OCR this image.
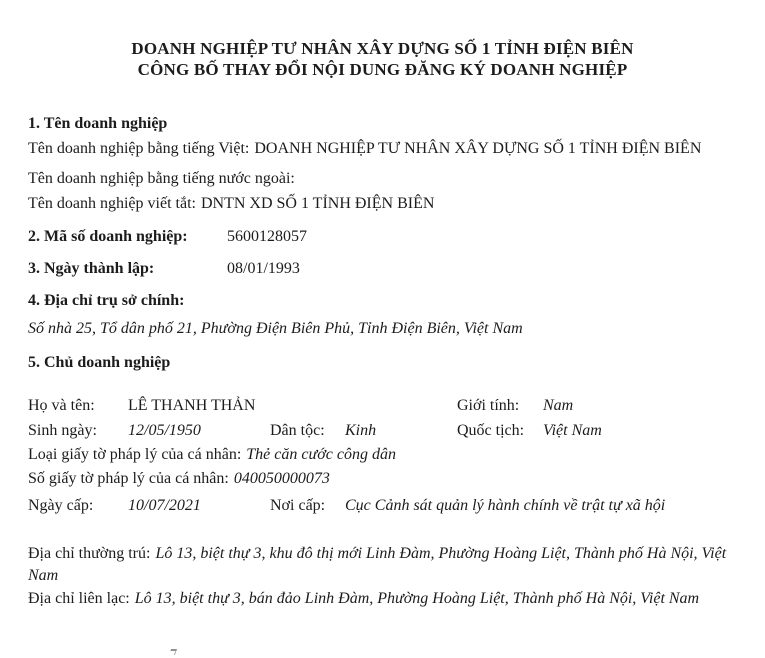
DOANH NGHIỆP TƯ NHÂN XÂY DỰNG SỐ 1 TỈNH ĐIỆN BIÊN
CÔNG BỐ THAY ĐỔI NỘI DUNG ĐĂNG KÝ DOANH NGHIỆP
1. Tên doanh nghiệp

Tên doanh nghiệp bằng tiếng Việt: DOANH NGHIỆP TƯ NHÂN XÂY DỰNG SỐ 1 TỈNH ĐIỆN BIÊN

Tên doanh nghiệp bằng tiếng nước ngoài:

Tên doanh nghiệp viết tắt: DNTN XD SỐ 1 TỈNH ĐIỆN BIÊN

2. Mã số doanh nghiệp: 5600128057
3. Ngày thành lập:	08/01/1993
4. Địa chỉ trụ sở chính:

Số nhà 25, Tổ dân phố 21, Phường Điện Biên Phủ, Tỉnh Điện Biên, Việt Nam

5. Chủ doanh nghiệp
Họ và tên: LÊ THANH THẢN	Giới tính: Nam
Sinh ngày: 12/05/1950	Dân tộc: Kinh	Quốc tịch: Việt Nam

Loại giấy tờ pháp lý của cá nhân: Thẻ căn cước công dân

Số giấy tờ pháp lý của cá nhân: 040050000073

Ngày cấp: 10/07/2021	Nơi cấp: Cục Cảnh sát quản lý hành chính về trật tự xã hội

Địa chỉ thường trú: Lô 13, biệt thự 3, khu đô thị mới Linh Đàm, Phường Hoàng Liệt, Thành phố Hà Nội, Việt Nam

Địa chỉ liên lạc: Lô 13, biệt thự 3, bán đảo Linh Đàm, Phường Hoàng Liệt, Thành phố Hà Nội, Việt Nam
